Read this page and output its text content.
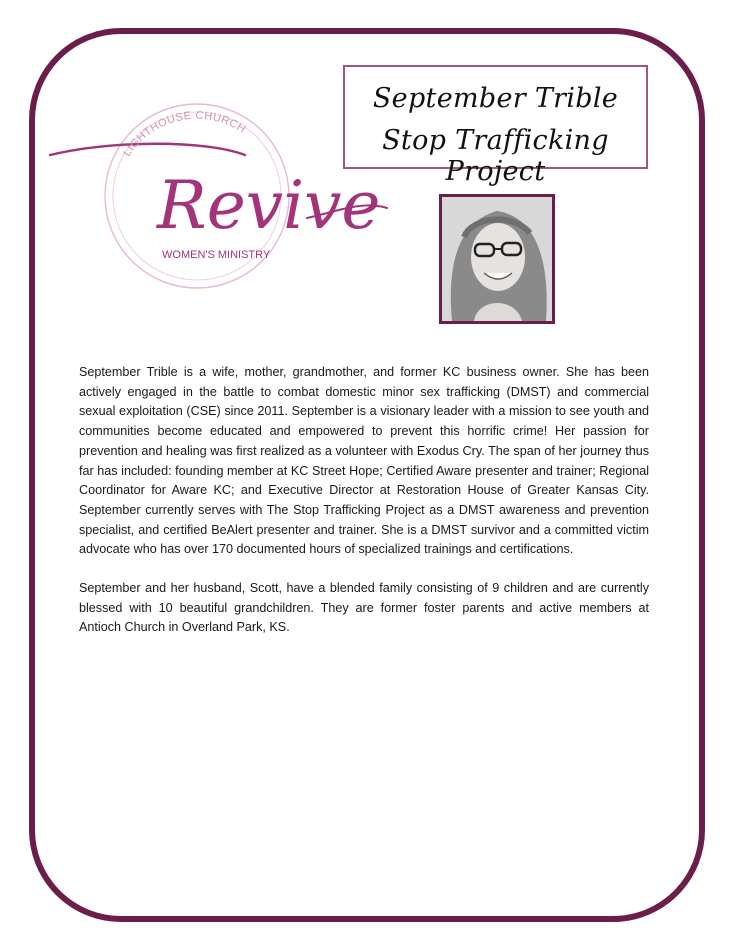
September Trible
Stop Trafficking Project
LIGHTHOUSE CHURCH
Revive
WOMEN'S MINISTRY

September Trible is a wife, mother, grandmother, and former KC business owner. She has been actively engaged in the battle to combat domestic minor sex trafficking (DMST) and commercial sexual exploitation (CSE) since 2011. September is a visionary leader with a mission to see youth and communities become educated and empowered to prevent this horrific crime! Her passion for prevention and healing was first realized as a volunteer with Exodus Cry. The span of her journey thus far has included: founding member at KC Street Hope; Certified Aware presenter and trainer; Regional Coordinator for Aware KC; and Executive Director at Restoration House of Greater Kansas City. September currently serves with The Stop Trafficking Project as a DMST awareness and prevention specialist, and certified BeAlert presenter and trainer. She is a DMST survivor and a committed victim advocate who has over 170 documented hours of specialized trainings and certifications.

September and her husband, Scott, have a blended family consisting of 9 children and are currently blessed with 10 beautiful grandchildren. They are former foster parents and active members at Antioch Church in Overland Park, KS.
